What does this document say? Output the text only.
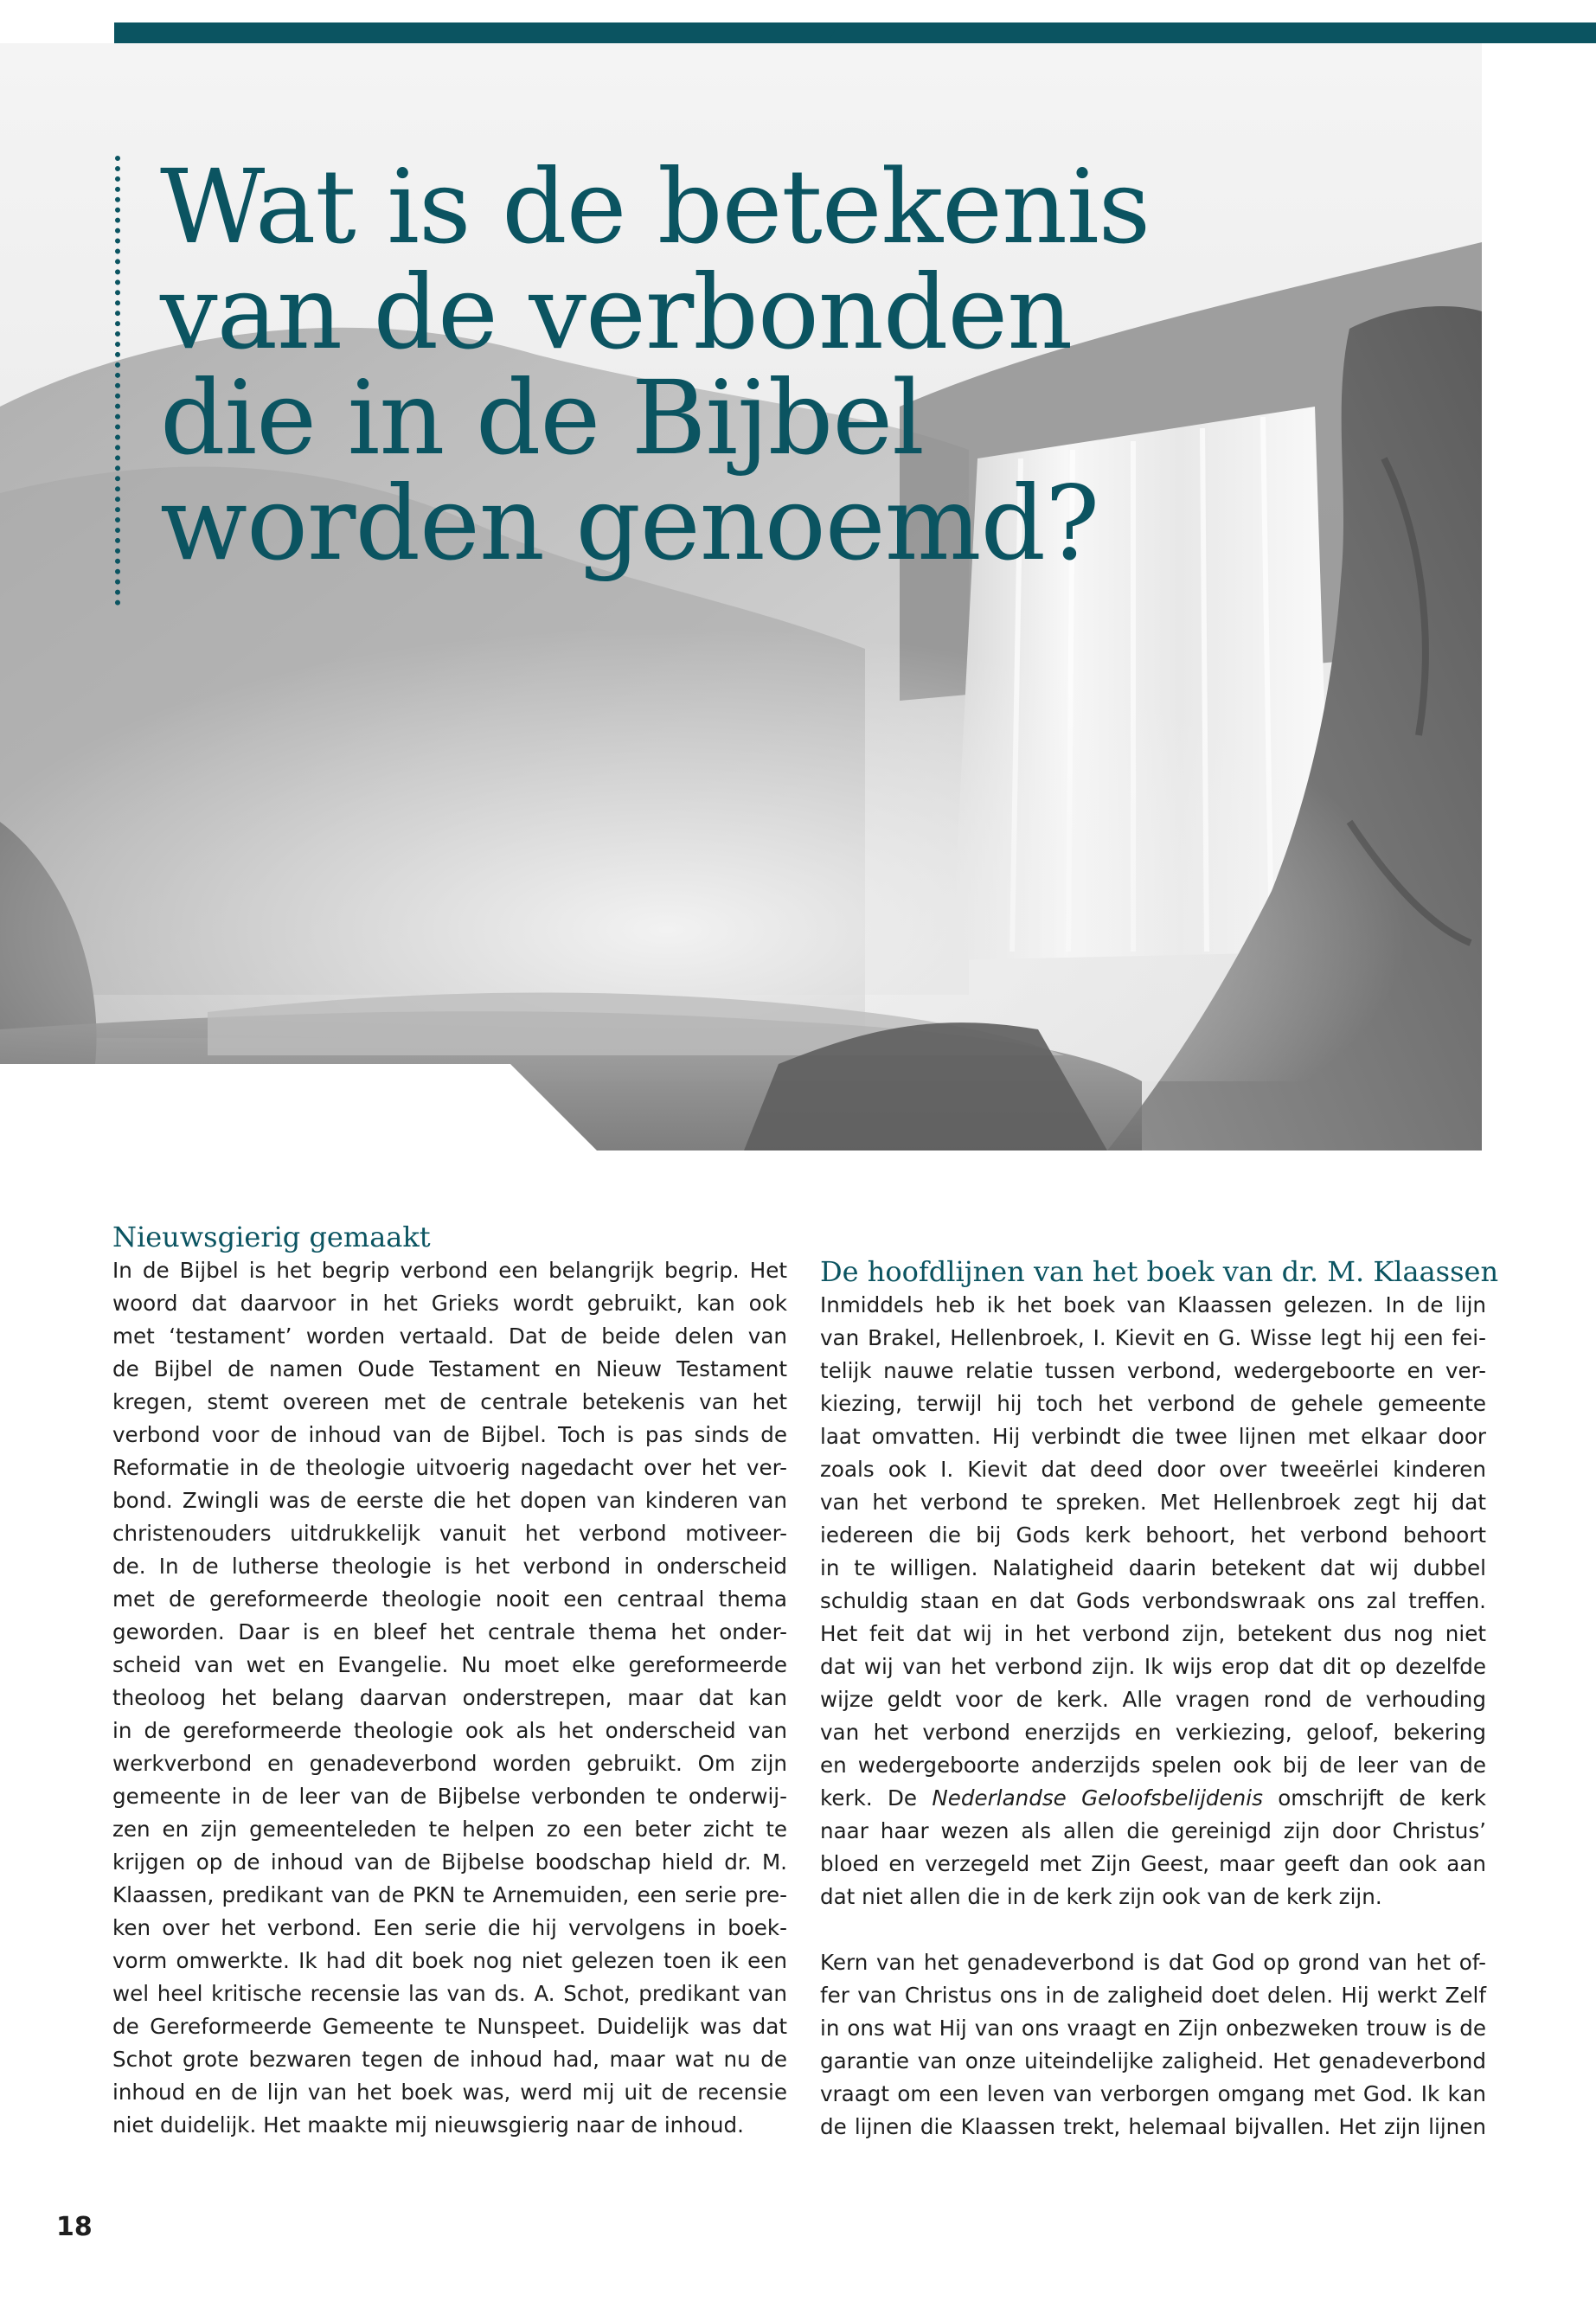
Wat is de betekenis
van de verbonden
die in de Bijbel
worden genoemd?
Nieuwsgierig gemaakt

In de Bijbel is het begrip verbond een belangrijk begrip. Het
woord dat daarvoor in het Grieks wordt gebruikt, kan ook
met ‘testament’ worden vertaald. Dat de beide delen van
de Bijbel de namen Oude Testament en Nieuw Testament
kregen, stemt overeen met de centrale betekenis van het
verbond voor de inhoud van de Bijbel. Toch is pas sinds de
Reformatie in de theologie uitvoerig nagedacht over het ver-
bond. Zwingli was de eerste die het dopen van kinderen van
christenouders uitdrukkelijk vanuit het verbond motiveer-
de. In de lutherse theologie is het verbond in onderscheid
met de gereformeerde theologie nooit een centraal thema
geworden. Daar is en bleef het centrale thema het onder-
scheid van wet en Evangelie. Nu moet elke gereformeerde
theoloog het belang daarvan onderstrepen, maar dat kan
in de gereformeerde theologie ook als het onderscheid van
werkverbond en genadeverbond worden gebruikt. Om zijn
gemeente in de leer van de Bijbelse verbonden te onderwij-
zen en zijn gemeenteleden te helpen zo een beter zicht te
krijgen op de inhoud van de Bijbelse boodschap hield dr. M.
Klaassen, predikant van de PKN te Arnemuiden, een serie pre-
ken over het verbond. Een serie die hij vervolgens in boek-
vorm omwerkte. Ik had dit boek nog niet gelezen toen ik een
wel heel kritische recensie las van ds. A. Schot, predikant van
de Gereformeerde Gemeente te Nunspeet. Duidelijk was dat
Schot grote bezwaren tegen de inhoud had, maar wat nu de
inhoud en de lijn van het boek was, werd mij uit de recensie
niet duidelijk. Het maakte mij nieuwsgierig naar de inhoud.

De hoofdlijnen van het boek van dr. M. Klaassen

Inmiddels heb ik het boek van Klaassen gelezen. In de lijn
van Brakel, Hellenbroek, I. Kievit en G. Wisse legt hij een fei-
telijk nauwe relatie tussen verbond, wedergeboorte en ver-
kiezing, terwijl hij toch het verbond de gehele gemeente
laat omvatten. Hij verbindt die twee lijnen met elkaar door
zoals ook I. Kievit dat deed door over tweeërlei kinderen
van het verbond te spreken. Met Hellenbroek zegt hij dat
iedereen die bij Gods kerk behoort, het verbond behoort
in te willigen. Nalatigheid daarin betekent dat wij dubbel
schuldig staan en dat Gods verbondswraak ons zal treffen.
Het feit dat wij in het verbond zijn, betekent dus nog niet
dat wij van het verbond zijn. Ik wijs erop dat dit op dezelfde
wijze geldt voor de kerk. Alle vragen rond de verhouding
van het verbond enerzijds en verkiezing, geloof, bekering
en wedergeboorte anderzijds spelen ook bij de leer van de
kerk. De Nederlandse Geloofsbelijdenis omschrijft de kerk
naar haar wezen als allen die gereinigd zijn door Christus’
bloed en verzegeld met Zijn Geest, maar geeft dan ook aan
dat niet allen die in de kerk zijn ook van de kerk zijn.

Kern van het genadeverbond is dat God op grond van het of-
fer van Christus ons in de zaligheid doet delen. Hij werkt Zelf
in ons wat Hij van ons vraagt en Zijn onbezweken trouw is de
garantie van onze uiteindelijke zaligheid. Het genadeverbond
vraagt om een leven van verborgen omgang met God. Ik kan
de lijnen die Klaassen trekt, helemaal bijvallen. Het zijn lijnen

18
